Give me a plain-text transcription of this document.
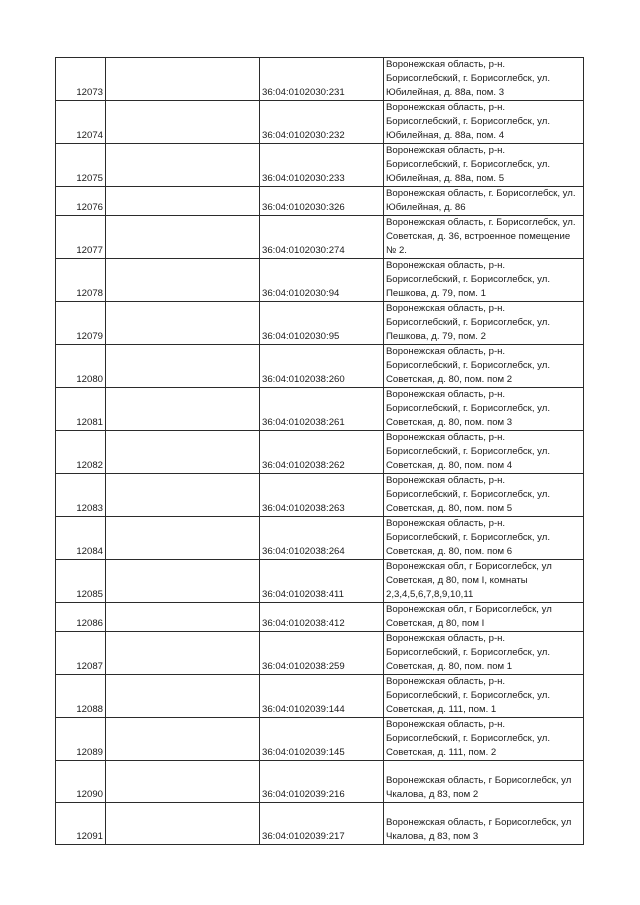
12073		36:04:0102030:231	Воронежская область, р-н. Борисоглебский, г. Борисоглебск, ул. Юбилейная, д. 88а, пом. 3
12074		36:04:0102030:232	Воронежская область, р-н. Борисоглебский, г. Борисоглебск, ул. Юбилейная, д. 88а, пом. 4
12075		36:04:0102030:233	Воронежская область, р-н. Борисоглебский, г. Борисоглебск, ул. Юбилейная, д. 88а, пом. 5
12076		36:04:0102030:326	Воронежская область, г. Борисоглебск, ул. Юбилейная, д. 86
12077		36:04:0102030:274	Воронежская область, г. Борисоглебск, ул. Советская, д. 36, встроенное помещение № 2.
12078		36:04:0102030:94	Воронежская область, р-н. Борисоглебский, г. Борисоглебск, ул. Пешкова, д. 79, пом. 1
12079		36:04:0102030:95	Воронежская область, р-н. Борисоглебский, г. Борисоглебск, ул. Пешкова, д. 79, пом. 2
12080		36:04:0102038:260	Воронежская область, р-н. Борисоглебский, г. Борисоглебск, ул. Советская, д. 80, пом. пом 2
12081		36:04:0102038:261	Воронежская область, р-н. Борисоглебский, г. Борисоглебск, ул. Советская, д. 80, пом. пом 3
12082		36:04:0102038:262	Воронежская область, р-н. Борисоглебский, г. Борисоглебск, ул. Советская, д. 80, пом. пом 4
12083		36:04:0102038:263	Воронежская область, р-н. Борисоглебский, г. Борисоглебск, ул. Советская, д. 80, пом. пом 5
12084		36:04:0102038:264	Воронежская область, р-н. Борисоглебский, г. Борисоглебск, ул. Советская, д. 80, пом. пом 6
12085		36:04:0102038:411	Воронежская обл, г Борисоглебск, ул Советская, д 80, пом I, комнаты 2,3,4,5,6,7,8,9,10,11
12086		36:04:0102038:412	Воронежская обл, г Борисоглебск, ул Советская, д 80, пом I
12087		36:04:0102038:259	Воронежская область, р-н. Борисоглебский, г. Борисоглебск, ул. Советская, д. 80, пом. пом 1
12088		36:04:0102039:144	Воронежская область, р-н. Борисоглебский, г. Борисоглебск, ул. Советская, д. 111, пом. 1
12089		36:04:0102039:145	Воронежская область, р-н. Борисоглебский, г. Борисоглебск, ул. Советская, д. 111, пом. 2
12090		36:04:0102039:216	Воронежская область, г Борисоглебск, ул Чкалова, д 83, пом 2
12091		36:04:0102039:217	Воронежская область, г Борисоглебск, ул Чкалова, д 83, пом 3
